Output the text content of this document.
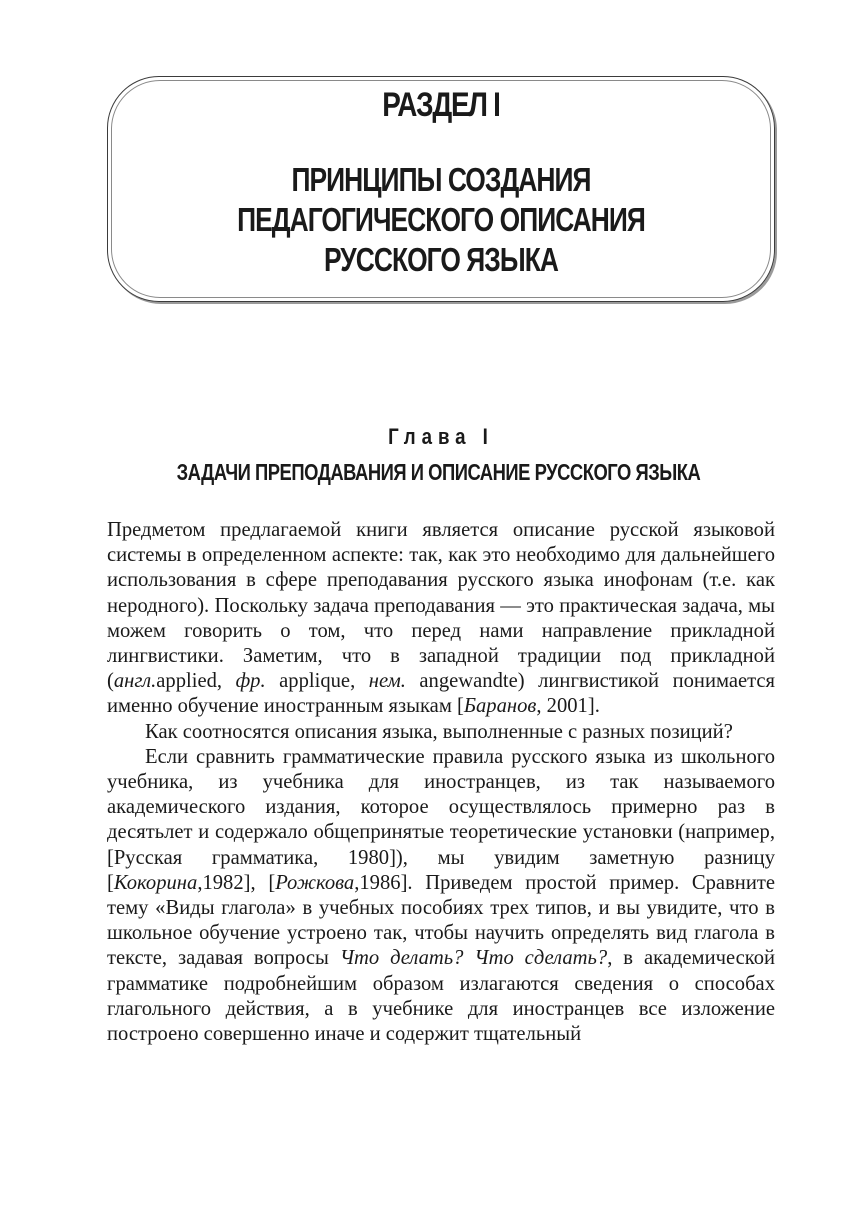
РАЗДЕЛ I
ПРИНЦИПЫ СОЗДАНИЯ
ПЕДАГОГИЧЕСКОГО ОПИСАНИЯ
РУССКОГО ЯЗЫКА
Глава I
ЗАДАЧИ ПРЕПОДАВАНИЯ И ОПИСАНИЕ РУССКОГО ЯЗЫКА

Предметом предлагаемой книги является описание русской языковой системы в определенном аспекте: так, как это необходимо для дальнейшего использования в сфере преподавания русского языка инофонам (т.е. как неродного). Поскольку задача преподавания — это практическая задача, мы можем говорить о том, что перед нами направление прикладной лингвистики. Заметим, что в западной традиции под прикладной (англ.applied, фр. applique, нем. angewandte) лингвистикой понимается именно обучение иностранным языкам [Баранов, 2001].

Как соотносятся описания языка, выполненные с разных позиций?

Если сравнить грамматические правила русского языка из школьного учебника, из учебника для иностранцев, из так называемого академического издания, которое осуществлялось примерно раз в десятьлет и содержало общепринятые теоретические установки (например, [Русская грамматика, 1980]), мы увидим заметную разницу [Кокорина,1982], [Рожкова,1986]. Приведем простой пример. Сравните тему «Виды глагола» в учебных пособиях трех типов, и вы увидите, что в школьное обучение устроено так, чтобы научить определять вид глагола в тексте, задавая вопросы Что делать? Что сделать?, в академической грамматике подробнейшим образом излагаются сведения о способах глагольного действия, а в учебнике для иностранцев все изложение построено совершенно иначе и содержит тщательный
